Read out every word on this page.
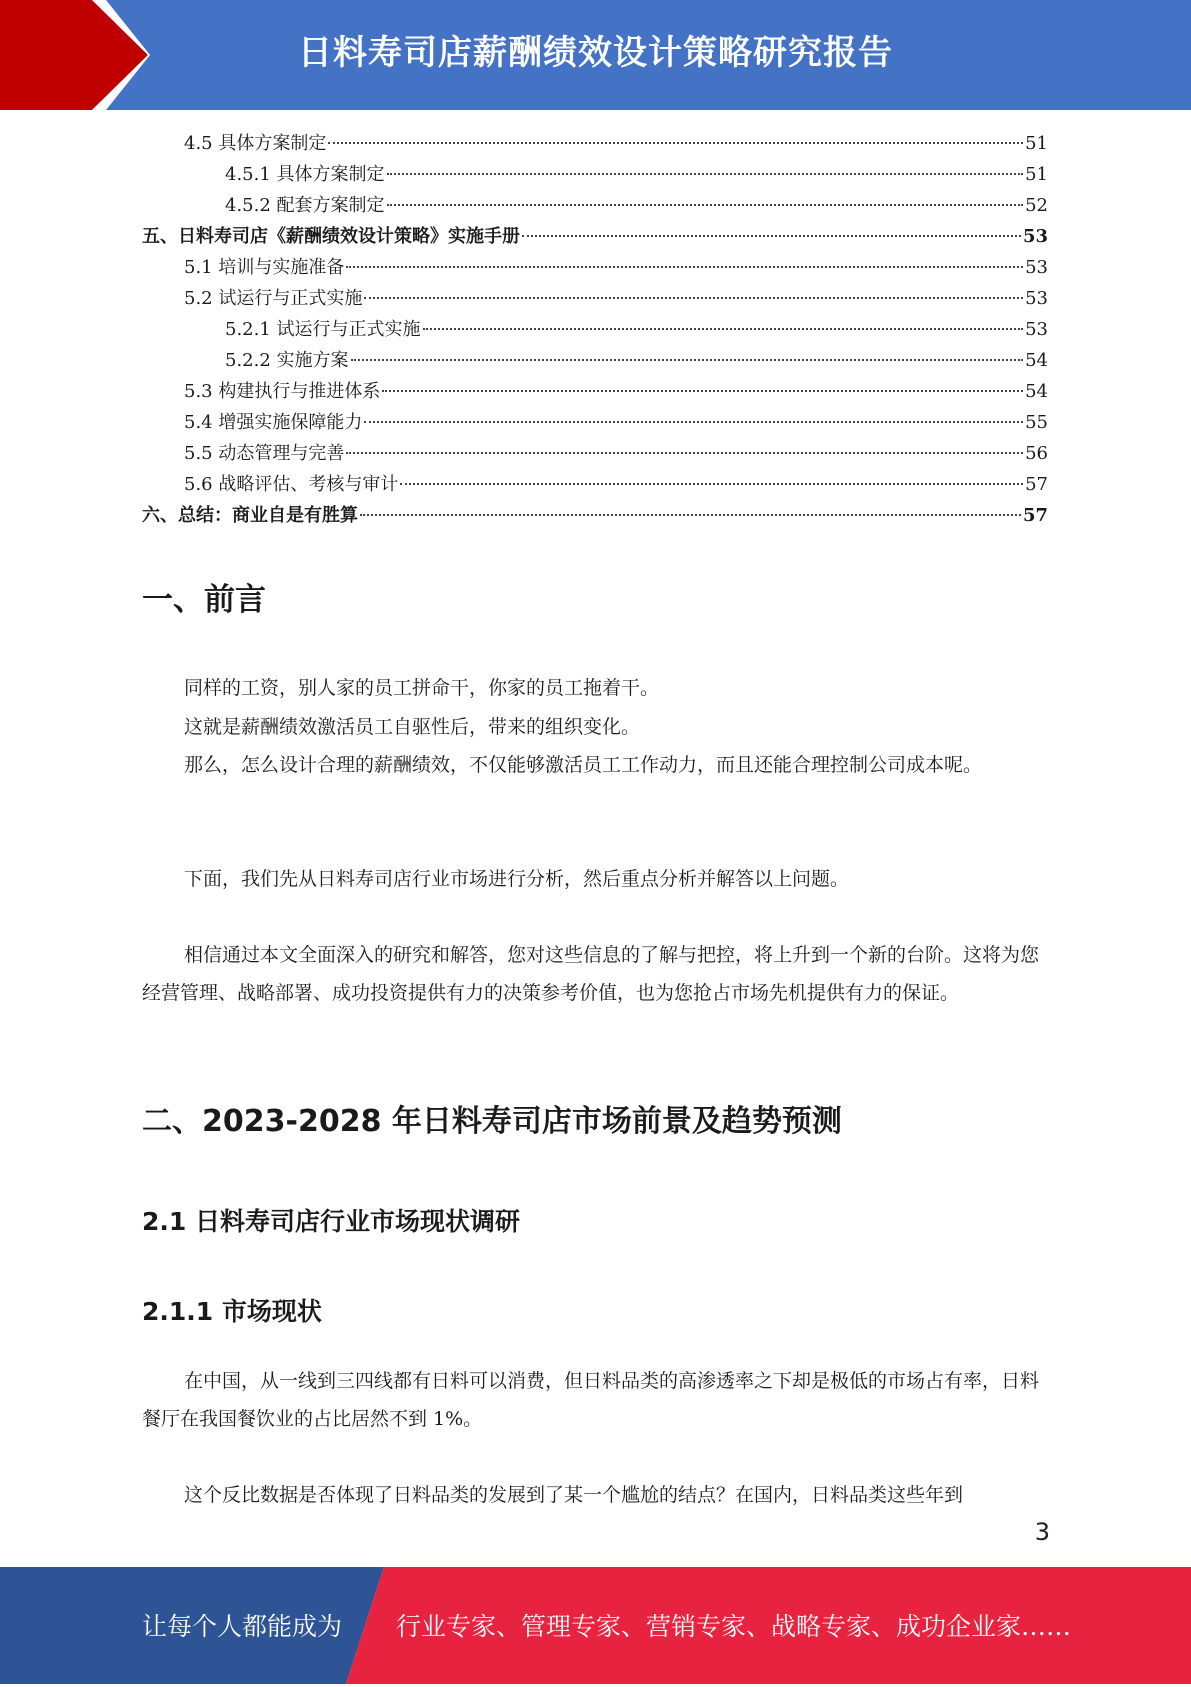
日料寿司店薪酬绩效设计策略研究报告
4.5 具体方案制定	51
4.5.1 具体方案制定	51
4.5.2 配套方案制定	52
五、日料寿司店《薪酬绩效设计策略》实施手册	53
5.1 培训与实施准备	53
5.2 试运行与正式实施	53
5.2.1 试运行与正式实施	53
5.2.2 实施方案	54
5.3 构建执行与推进体系	54
5.4 增强实施保障能力	55
5.5 动态管理与完善	56
5.6 战略评估、考核与审计	57
六、总结：商业自是有胜算	57
一、前言

同样的工资，别人家的员工拼命干，你家的员工拖着干。

这就是薪酬绩效激活员工自驱性后，带来的组织变化。

那么，怎么设计合理的薪酬绩效，不仅能够激活员工工作动力，而且还能合理控制公司成本呢。

下面，我们先从日料寿司店行业市场进行分析，然后重点分析并解答以上问题。

相信通过本文全面深入的研究和解答，您对这些信息的了解与把控，将上升到一个新的台阶。这将为您经营管理、战略部署、成功投资提供有力的决策参考价值，也为您抢占市场先机提供有力的保证。

二、2023-2028 年日料寿司店市场前景及趋势预测
2.1 日料寿司店行业市场现状调研
2.1.1 市场现状

在中国，从一线到三四线都有日料可以消费，但日料品类的高渗透率之下却是极低的市场占有率，日料餐厅在我国餐饮业的占比居然不到 1%。

这个反比数据是否体现了日料品类的发展到了某一个尴尬的结点？在国内，日料品类这些年到

3
让每个人都能成为 行业专家、管理专家、营销专家、战略专家、成功企业家……
